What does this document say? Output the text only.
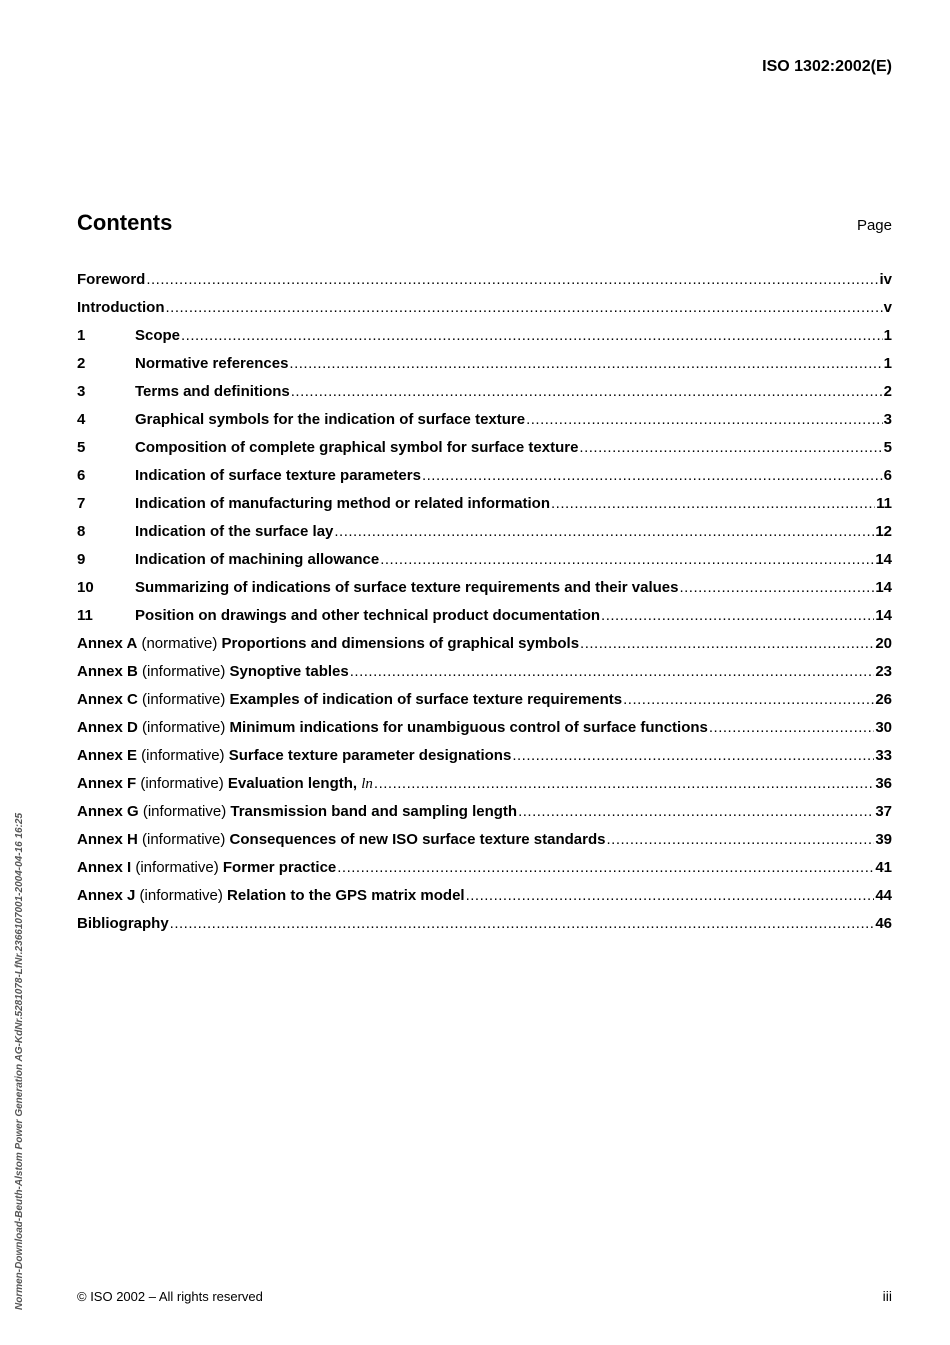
ISO 1302:2002(E)
Contents	Page
Foreword .....	iv
Introduction .....	v
1	Scope .....	1
2	Normative references .....	1
3	Terms and definitions .....	2
4	Graphical symbols for the indication of surface texture .....	3
5	Composition of complete graphical symbol for surface texture .....	5
6	Indication of surface texture parameters .....	6
7	Indication of manufacturing method or related information .....	11
8	Indication of the surface lay .....	12
9	Indication of machining allowance .....	14
10	Summarizing of indications of surface texture requirements and their values .....	14
11	Position on drawings and other technical product documentation .....	14
Annex A (normative) Proportions and dimensions of graphical symbols .....	20
Annex B (informative) Synoptive tables .....	23
Annex C (informative) Examples of indication of surface texture requirements .....	26
Annex D (informative) Minimum indications for unambiguous control of surface functions .....	30
Annex E (informative) Surface texture parameter designations .....	33
Annex F (informative) Evaluation length, ln .....	36
Annex G (informative) Transmission band and sampling length .....	37
Annex H (informative) Consequences of new ISO surface texture standards .....	39
Annex I (informative) Former practice .....	41
Annex J (informative) Relation to the GPS matrix model .....	44
Bibliography .....	46
Normen-Download-Beuth-Alstom Power Generation AG-KdNr.5281078-LfNr.2366107001-2004-04-16 16:25	© ISO 2002 – All rights reserved	iii
